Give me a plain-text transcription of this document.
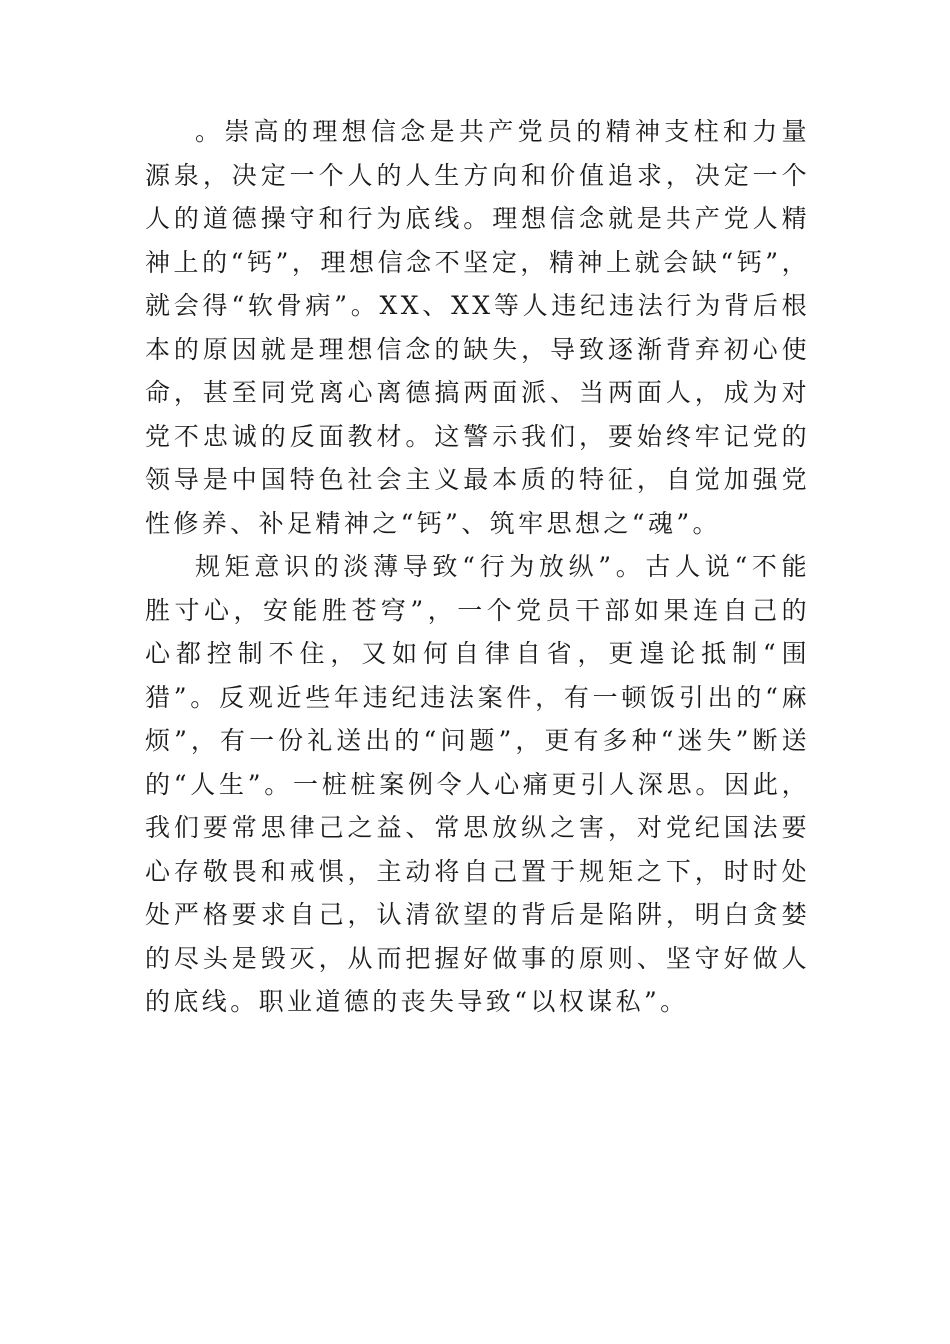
。崇高的理想信念是共产党员的精神支柱和力量源泉，决定一个人的人生方向和价值追求，决定一个人的道德操守和行为底线。理想信念就是共产党人精神上的“钙”，理想信念不坚定，精神上就会缺“钙”，就会得“软骨病”。XX、XX等人违纪违法行为背后根本的原因就是理想信念的缺失，导致逐渐背弃初心使命，甚至同党离心离德搞两面派、当两面人，成为对党不忠诚的反面教材。这警示我们，要始终牢记党的领导是中国特色社会主义最本质的特征，自觉加强党性修养、补足精神之“钙”、筑牢思想之“魂”。

规矩意识的淡薄导致“行为放纵”。古人说“不能胜寸心，安能胜苍穹”，一个党员干部如果连自己的心都控制不住，又如何自律自省，更遑论抵制“围猎”。反观近些年违纪违法案件，有一顿饭引出的“麻烦”，有一份礼送出的“问题”，更有多种“迷失”断送的“人生”。一桩桩案例令人心痛更引人深思。因此，我们要常思律己之益、常思放纵之害，对党纪国法要心存敬畏和戒惧，主动将自己置于规矩之下，时时处处严格要求自己，认清欲望的背后是陷阱，明白贪婪的尽头是毁灭，从而把握好做事的原则、坚守好做人的底线。职业道德的丧失导致“以权谋私”。
